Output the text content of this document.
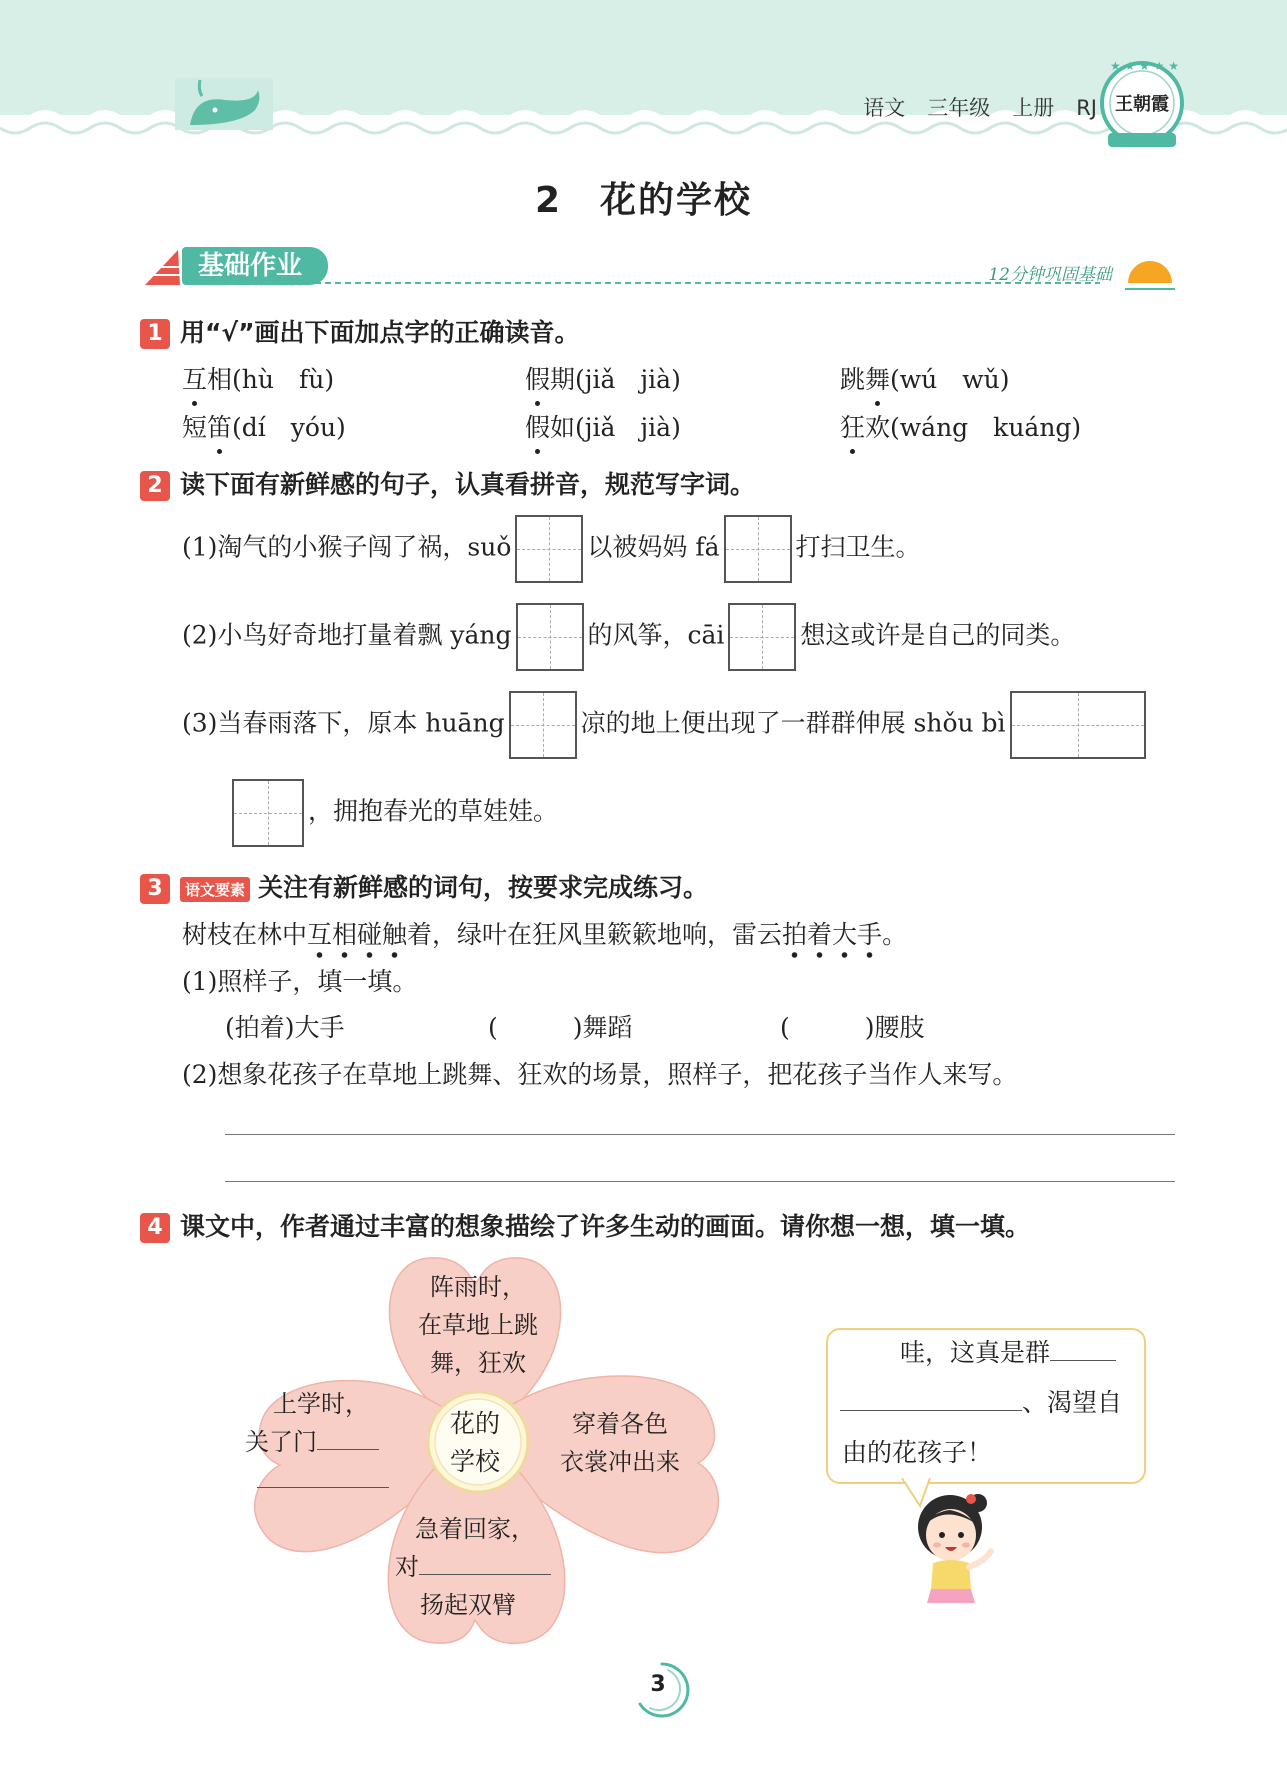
★ ★ ★ ★ ★
语文 三年级 上册 RJ 王朝霞
2　花的学校
基础作业	12分钟巩固基础
1 用“√”画出下面加点字的正确读音。
互相(hù　fù)	假期(jiǎ　jià)	跳舞(wú　wǔ)
短笛(dí　yóu)	假如(jiǎ　jià)	狂欢(wáng　kuáng)
2 读下面有新鲜感的句子，认真看拼音，规范写字词。
(1)淘气的小猴子闯了祸，suǒ	以被妈妈 fá	打扫卫生。
(2)小鸟好奇地打量着飘 yáng	的风筝，cāi	想这或许是自己的同类。
(3)当春雨落下，原本 huāng	凉的地上便出现了一群群伸展 shǒu bì
，拥抱春光的草娃娃。
3 语文要素 关注有新鲜感的词句，按要求完成练习。
树枝在林中互相碰触着，绿叶在狂风里簌簌地响，雷云拍着大手。
(1)照样子，填一填。
(拍着)大手	(　　　)舞蹈	(　　　)腰肢
(2)想象花孩子在草地上跳舞、狂欢的场景，照样子，把花孩子当作人来写。
4 课文中，作者通过丰富的想象描绘了许多生动的画面。请你想一想，填一填。
阵雨时，
在草地上跳
舞，狂欢
花的
学校
上学时，
关了门
穿着各色
衣裳冲出来
急着回家，
对
扬起双臂
哇，这真是群
、渴望自
由的花孩子！
3
